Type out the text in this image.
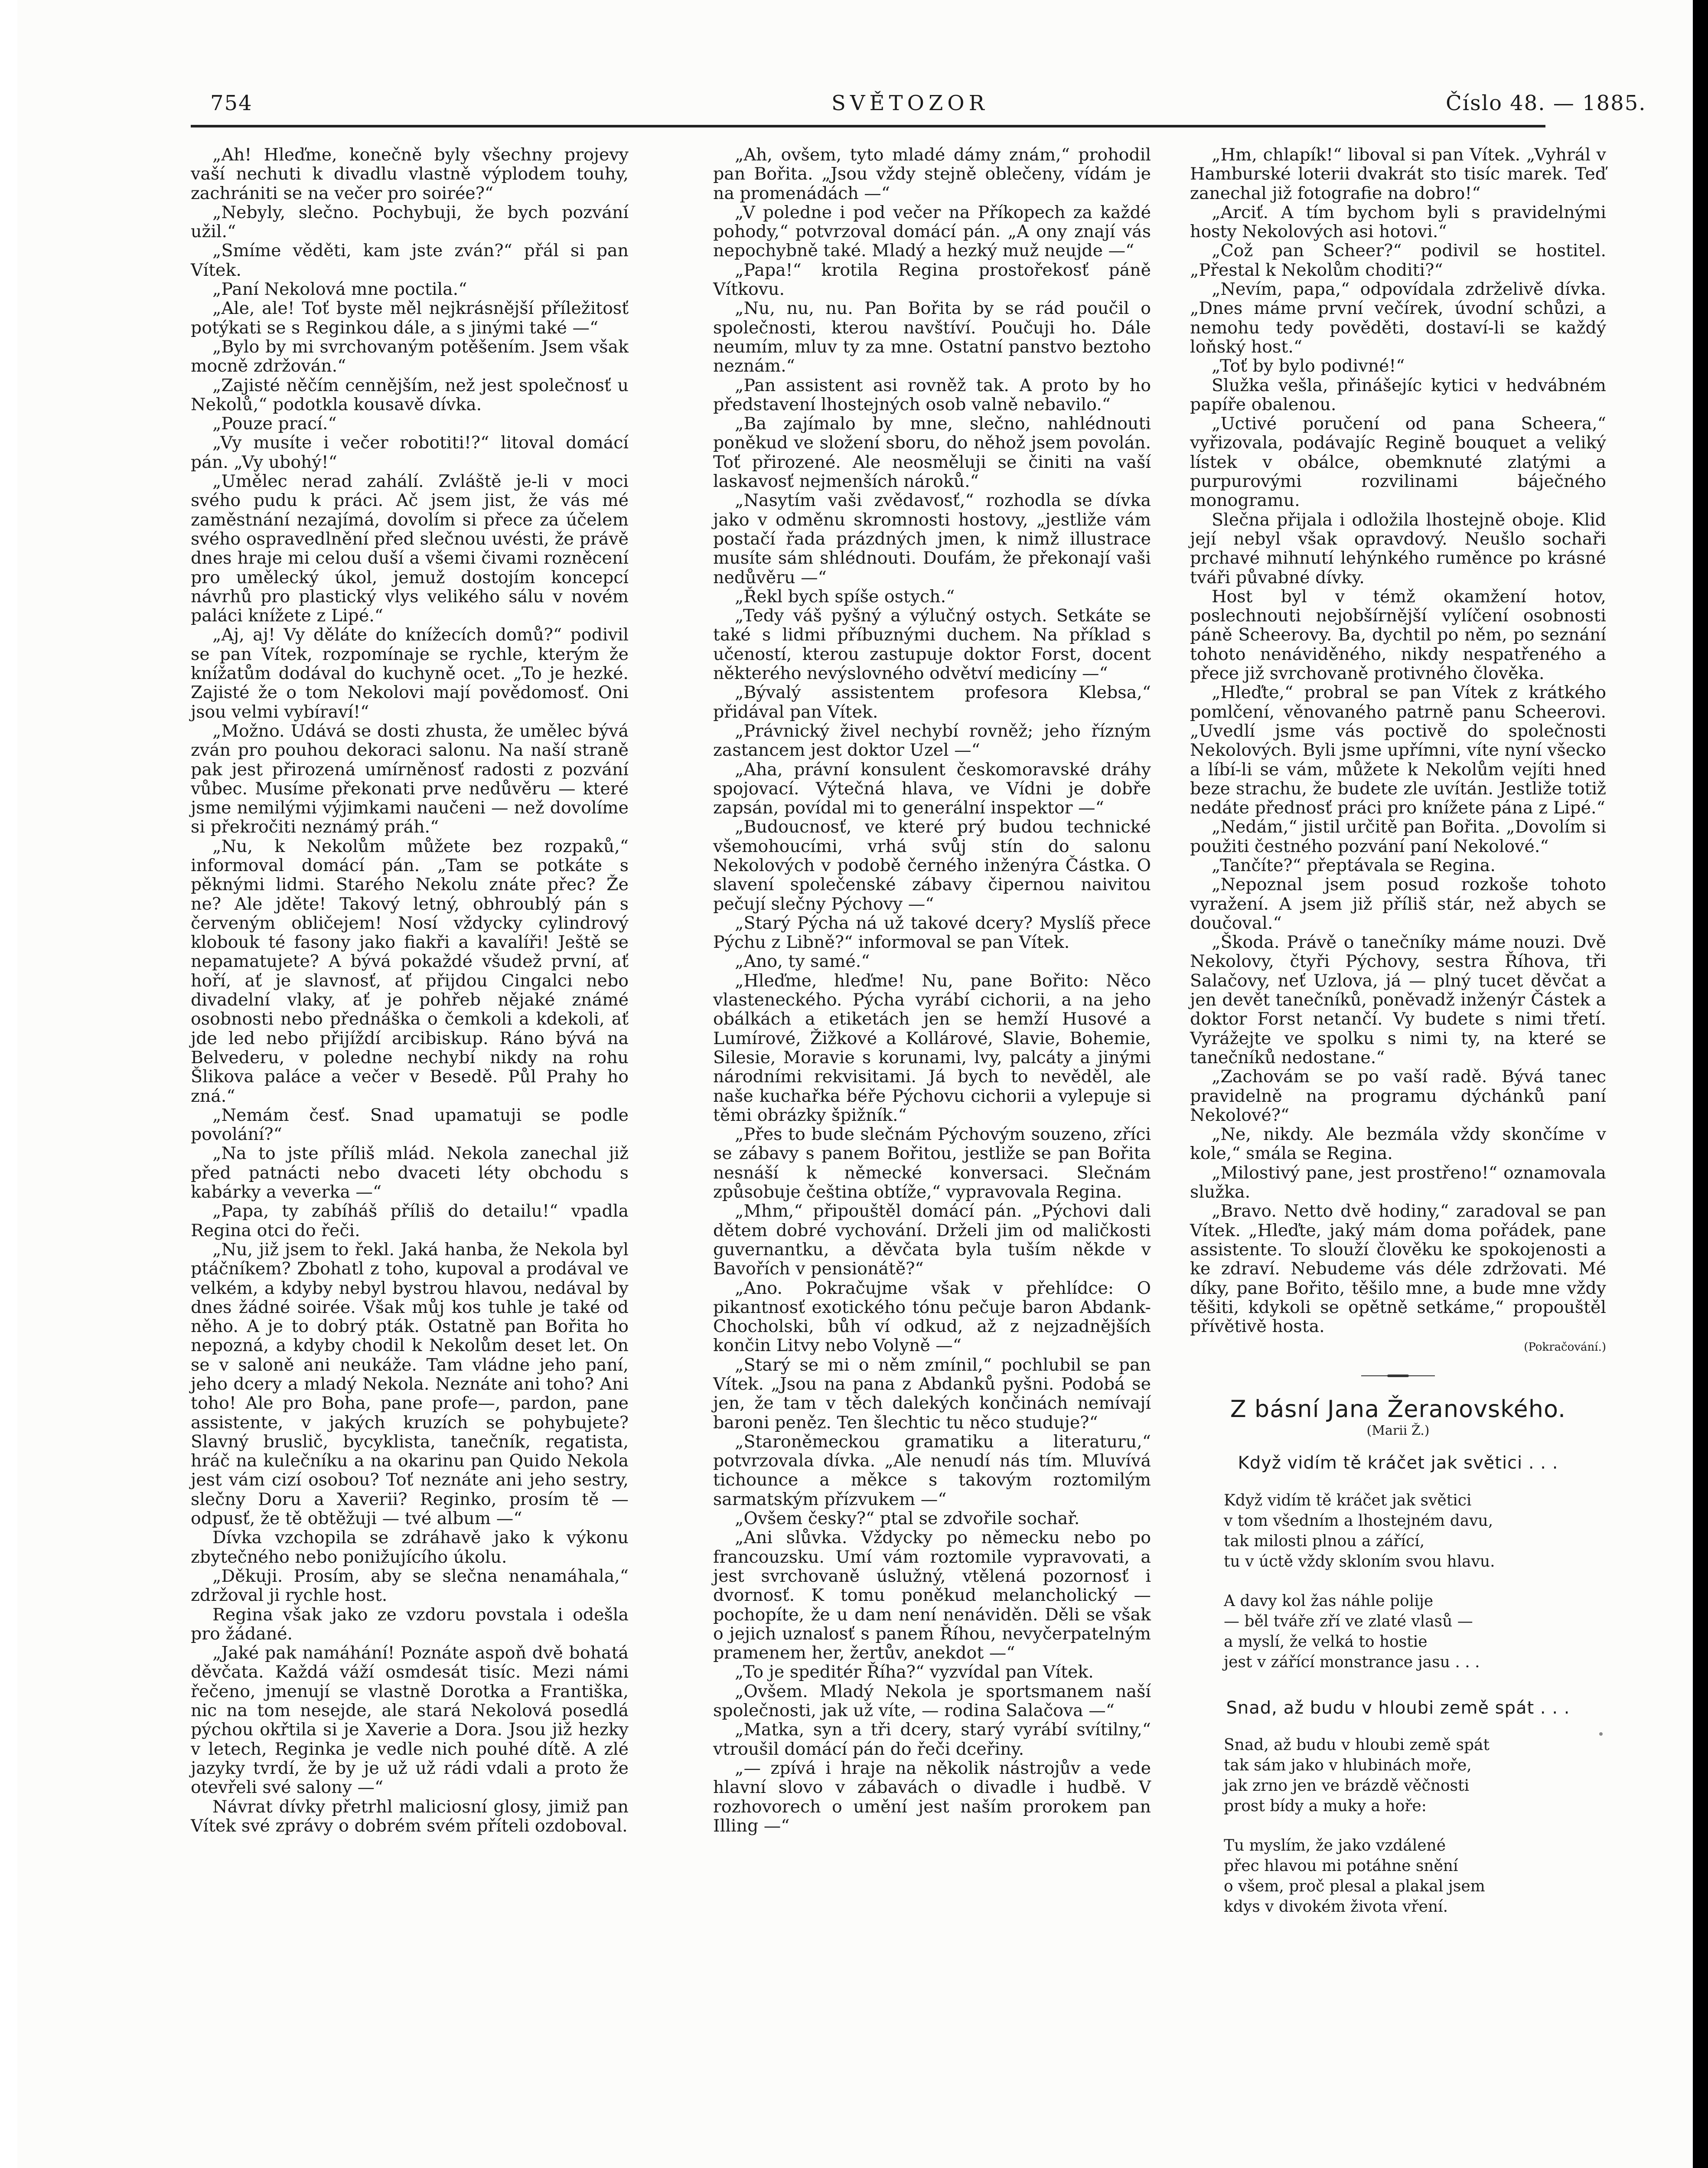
754	SVĚTOZOR	Číslo 48. — 1885.

„Ah! Hleďme, konečně byly všechny projevy vaší nechuti k divadlu vlastně výplodem touhy, zachrániti se na večer pro soirée?“

„Nebyly, slečno. Pochybuji, že bych pozvání užil.“

„Smíme věděti, kam jste zván?“ přál si pan Vítek.

„Paní Nekolová mne poctila.“

„Ale, ale! Toť byste měl nejkrásnější příležitosť potýkati se s Reginkou dále, a s jinými také —“

„Bylo by mi svrchovaným potěšením. Jsem však mocně zdržován.“

„Zajisté něčím cennějším, než jest společnosť u Nekolů,“ podotkla kousavě dívka.

„Pouze prací.“

„Vy musíte i večer robotiti!?“ litoval domácí pán. „Vy ubohý!“

„Umělec nerad zahálí. Zvláště je-li v moci svého pudu k práci. Ač jsem jist, že vás mé zaměstnání nezajímá, dovolím si přece za účelem svého ospravedlnění před slečnou uvésti, že právě dnes hraje mi celou duší a všemi čivami rozněcení pro umělecký úkol, jemuž dostojím koncepcí návrhů pro plastický vlys velikého sálu v novém paláci knížete z Lipé.“

„Aj, aj! Vy děláte do knížecích domů?“ podivil se pan Vítek, rozpomínaje se rychle, kterým že knížatům dodával do kuchyně ocet. „To je hezké. Zajisté že o tom Nekolovi mají povědomosť. Oni jsou velmi vybíraví!“

„Možno. Udává se dosti zhusta, že umělec bývá zván pro pouhou dekoraci salonu. Na naší straně pak jest přirozená umírněnosť radosti z pozvání vůbec. Musíme překonati prve nedůvěru — které jsme nemilými výjimkami naučeni — než dovolíme si překročiti neznámý práh.“

„Nu, k Nekolům můžete bez rozpaků,“ informoval domácí pán. „Tam se potkáte s pěknými lidmi. Starého Nekolu znáte přec? Že ne? Ale jděte! Takový letný, obhroublý pán s červeným obličejem! Nosí vždycky cylindrový klobouk té fasony jako fiakři a kavalíři! Ještě se nepamatujete? A bývá pokaždé všudež první, ať hoří, ať je slavnosť, ať přijdou Cingalci nebo divadelní vlaky, ať je pohřeb nějaké známé osobnosti nebo přednáška o čemkoli a kdekoli, ať jde led nebo přijíždí arcibiskup. Ráno bývá na Belvederu, v poledne nechybí nikdy na rohu Šlikova paláce a večer v Besedě. Půl Prahy ho zná.“

„Nemám česť. Snad upamatuji se podle povolání?“

„Na to jste příliš mlád. Nekola zanechal již před patnácti nebo dvaceti léty obchodu s kabárky a veverka —“

„Papa, ty zabíháš příliš do detailu!“ vpadla Regina otci do řeči.

„Nu, již jsem to řekl. Jaká hanba, že Nekola byl ptáčníkem? Zbohatl z toho, kupoval a prodával ve velkém, a kdyby nebyl bystrou hlavou, nedával by dnes žádné soirée. Však můj kos tuhle je také od něho. A je to dobrý pták. Ostatně pan Bořita ho nepozná, a kdyby chodil k Nekolům deset let. On se v salоně ani neukáže. Tam vládne jeho paní, jeho dcery a mladý Nekola. Neznáte ani toho? Ani toho! Ale pro Boha, pane profe—, pardon, pane assistente, v jakých kruzích se pohybujete? Slavný bruslič, bycyklista, tanečník, regatista, hráč na kulečníku a na okarinu pan Quido Nekola jest vám cizí osobou? Toť neznáte ani jeho sestry, slečny Doru a Xaverii? Reginko, prosím tě — odpusť, že tě obtěžuji — tvé album —“

Dívka vzchopila se zdráhavě jako k výkonu zbytečného nebo ponižujícího úkolu.

„Děkuji. Prosím, aby se slečna nenamáhala,“ zdržoval ji rychle host.

Regina však jako ze vzdoru povstala i odešla pro žádané.

„Jaké pak namáhání! Poznáte aspoň dvě bohatá děvčata. Každá váží osmdesát tisíc. Mezi námi řečeno, jmenují se vlastně Dorotka a Františka, nic na tom nesejde, ale stará Nekolová posedlá pýchou okřtila si je Xaverie a Dora. Jsou již hezky v letech, Reginka je vedle nich pouhé dítě. A zlé jazyky tvrdí, že by je už už rádi vdali a proto že otevřeli své salony —“

Návrat dívky přetrhl maliciosní glosy, jimiž pan Vítek své zprávy o dobrém svém příteli ozdoboval.

„Ah, ovšem, tyto mladé dámy znám,“ prohodil pan Bořita. „Jsou vždy stejně oblečeny, vídám je na promenádách —“

„V poledne i pod večer na Příkopech za každé pohody,“ potvrzoval domácí pán. „A ony znají vás nepochybně také. Mladý a hezký muž neujde —“

„Papa!“ krotila Regina prostořekosť páně Vítkovu.

„Nu, nu, nu. Pan Bořita by se rád poučil o společnosti, kterou navštíví. Poučuji ho. Dále neumím, mluv ty za mne. Ostatní panstvo beztoho neznám.“

„Pan assistent asi rovněž tak. A proto by ho představení lhostejných osob valně nebavilo.“

„Ba zajímalo by mne, slečno, nahlédnouti poněkud ve složení sboru, do něhož jsem povolán. Toť přirozené. Ale neosměluji se činiti na vaší laskavosť nejmenších nároků.“

„Nasytím vaši zvědavosť,“ rozhodla se dívka jako v odměnu skromnosti hostovy, „jestliže vám postačí řada prázdných jmen, k nimž illustrace musíte sám shlédnouti. Doufám, že překonají vaši nedůvěru —“

„Řekl bych spíše ostych.“

„Tedy váš pyšný a výlučný ostych. Setkáte se také s lidmi příbuznými duchem. Na příklad s učeností, kterou zastupuje doktor Forst, docent některého nevýslovného odvětví medicíny —“

„Bývalý assistentem profesora Klebsa,“ přidával pan Vítek.

„Právnický živel nechybí rovněž; jeho řízným zastancem jest doktor Uzel —“

„Aha, právní konsulent českomoravské dráhy spojovací. Výtečná hlava, ve Vídni je dobře zapsán, povídal mi to generální inspektor —“

„Budoucnosť, ve které prý budou technické všemohoucími, vrhá svůj stín do salonu Nekolových v podobě černého inženýra Částka. O slavení společenské zábavy čipernou naivitou pečují slečny Pýchovy —“

„Starý Pýcha ná už takové dcery? Myslíš přece Pýchu z Libně?“ informoval se pan Vítek.

„Ano, ty samé.“

„Hleďme, hleďme! Nu, pane Bořito: Něco vlasteneckého. Pýcha vyrábí cichorii, a na jeho obálkách a etiketách jen se hemží Husové a Lumírové, Žižkové a Kollárové, Slavie, Bohemie, Silesie, Moravie s korunami, lvy, palcáty a jinými národními rekvisitami. Já bych to nevěděl, ale naše kuchařka béře Pýchovu cichorii a vylepuje si těmi obrázky špižník.“

„Přes to bude slečnám Pýchovým souzeno, zříci se zábavy s panem Bořitou, jestliže se pan Bořita nesnáší k německé konversaci. Slečnám způsobuje čeština obtíže,“ vypravovala Regina.

„Mhm,“ připouštěl domácí pán. „Pýchovi dali dětem dobré vychování. Drželi jim od maličkosti guvernantku, a děvčata byla tuším někde v Bavořích v pensionátě?“

„Ano. Pokračujme však v přehlídce: O pikantnosť exotického tónu pečuje baron Abdank-Chocholski, bůh ví odkud, až z nejzadnějších končin Litvy nebo Volyně —“

„Starý se mi o něm zmínil,“ pochlubil se pan Vítek. „Jsou na pana z Abdanků pyšni. Podobá se jen, že tam v těch dalekých končinách nemívají baroni peněz. Ten šlechtic tu něco studuje?“

„Staroněmeckou gramatiku a literaturu,“ potvrzovala dívka. „Ale nenudí nás tím. Mluvívá tichounce a měkce s takovým roztomilým sarmatským přízvukem —“

„Ovšem česky?“ ptal se zdvořile sochař.

„Ani slůvka. Vždycky po německu nebo po francouzsku. Umí vám roztomile vypravovati, a jest svrchovaně úslužný, vtělená pozornosť i dvornosť. K tomu poněkud melancholický — pochopíte, že u dam není nenáviděn. Děli se však o jejich uznalosť s panem Říhou, nevyčerpatelným pramenem her, žertův, anekdot —“

„To je speditér Říha?“ vyzvídal pan Vítek.

„Ovšem. Mladý Nekola je sportsmanem naší společnosti, jak už víte, — rodina Salačova —“

„Matka, syn a tři dcery, starý vyrábí svítilny,“ vtroušil domácí pán do řeči dceřiny.

„— zpívá i hraje na několik nástrojův a vede hlavní slovo v zábavách o divadle i hudbě. V rozhovorech o umění jest naším prorokem pan Illing —“

„Hm, chlapík!“ liboval si pan Vítek. „Vyhrál v Hamburské loterii dvakrát sto tisíc marek. Teď zanechal již fotografie na dobro!“

„Arciť. A tím bychom byli s pravidelnými hosty Nekolových asi hotovi.“

„Což pan Scheer?“ podivil se hostitel. „Přestal k Nekolům choditi?“

„Nevím, papa,“ odpovídala zdrželivě dívka. „Dnes máme první večírek, úvodní schůzi, a nemohu tedy pověděti, dostaví-li se každý loňský host.“

„Toť by bylo podivné!“

Služka vešla, přinášejíc kytici v hedvábném papíře obalenou.

„Uctivé poručení od pana Scheera,“ vyřizovala, podávajíc Regině bouquet a veliký lístek v obálce, obemknuté zlatými a purpurovými rozvilinami báječného monogramu.

Slečna přijala i odložila lhostejně oboje. Klid její nebyl však opravdový. Neušlo sochaři prchavé mihnutí lehýnkého ruměnce po krásné tváři půvabné dívky.

Host byl v témž okamžení hotov, poslechnouti nejobšírnější vylíčení osobnosti páně Scheerovy. Ba, dychtil po něm, po seznání tohoto nenáviděného, nikdy nespatřeného a přece již svrchovaně protivného člověka.

„Hleďte,“ probral se pan Vítek z krátkého pomlčení, věnovaného patrně panu Scheerovi. „Uvedlí jsme vás poctivě do společnosti Nekolových. Byli jsme upřímni, víte nyní všecko a líbí-li se vám, můžete k Nekolům vejíti hned beze strachu, že budete zle uvítán. Jestliže totiž nedáte přednosť práci pro knížete pána z Lipé.“

„Nedám,“ jistil určitě pan Bořita. „Dovolím si použiti čestného pozvání paní Nekolové.“

„Tančíte?“ přeptávala se Regina.

„Nepoznal jsem posud rozkoše tohoto vyražení. A jsem již příliš stár, než abych se doučoval.“

„Škoda. Právě o tanečníky máme nouzi. Dvě Nekolovy, čtyři Pýchovy, sestra Říhova, tři Salačovy, neť Uzlova, já — plný tucet děvčat a jen devět tanečníků, poněvadž inženýr Částek a doktor Forst netančí. Vy budete s nimi třetí. Vyrážejte ve spolku s nimi ty, na které se tanečníků nedostane.“

„Zachovám se po vaší radě. Bývá tanec pravidelně na programu dýchánků paní Nekolové?“

„Ne, nikdy. Ale bezmála vždy skončíme v kole,“ smála se Regina.

„Milostivý pane, jest prostřeno!“ oznamovala služka.

„Bravo. Netto dvě hodiny,“ zaradoval se pan Vítek. „Hleďte, jaký mám doma pořádek, pane assistente. To slouží člověku ke spokojenosti a ke zdraví. Nebudeme vás déle zdržovati. Mé díky, pane Bořito, těšilo mne, a bude mne vždy těšiti, kdykoli se opětně setkáme,“ propouštěl přívětivě hosta.

(Pokračování.)

Z básní Jana Žeranovského.

(Marii Ž.)

Když vidím tě kráčet jak světici . . .

Když vidím tě kráčet jak světici

v tom všedním a lhostejném davu,

tak milosti plnou a zářící,

tu v úctě vždy skloním svou hlavu.

A davy kol žas náhle polije

— běl tváře zří ve zlaté vlasů —

a myslí, že velká to hostie

jest v zářící monstrance jasu . . .

Snad, až budu v hloubi země spát . . .

Snad, až budu v hloubi země spát

tak sám jako v hlubinách moře,

jak zrno jen ve brázdě věčnosti

prost bídy a muky a hoře:

Tu myslím, že jako vzdálené

přec hlavou mi potáhne snění

o všem, proč plesal a plakal jsem

kdys v divokém života vření.
